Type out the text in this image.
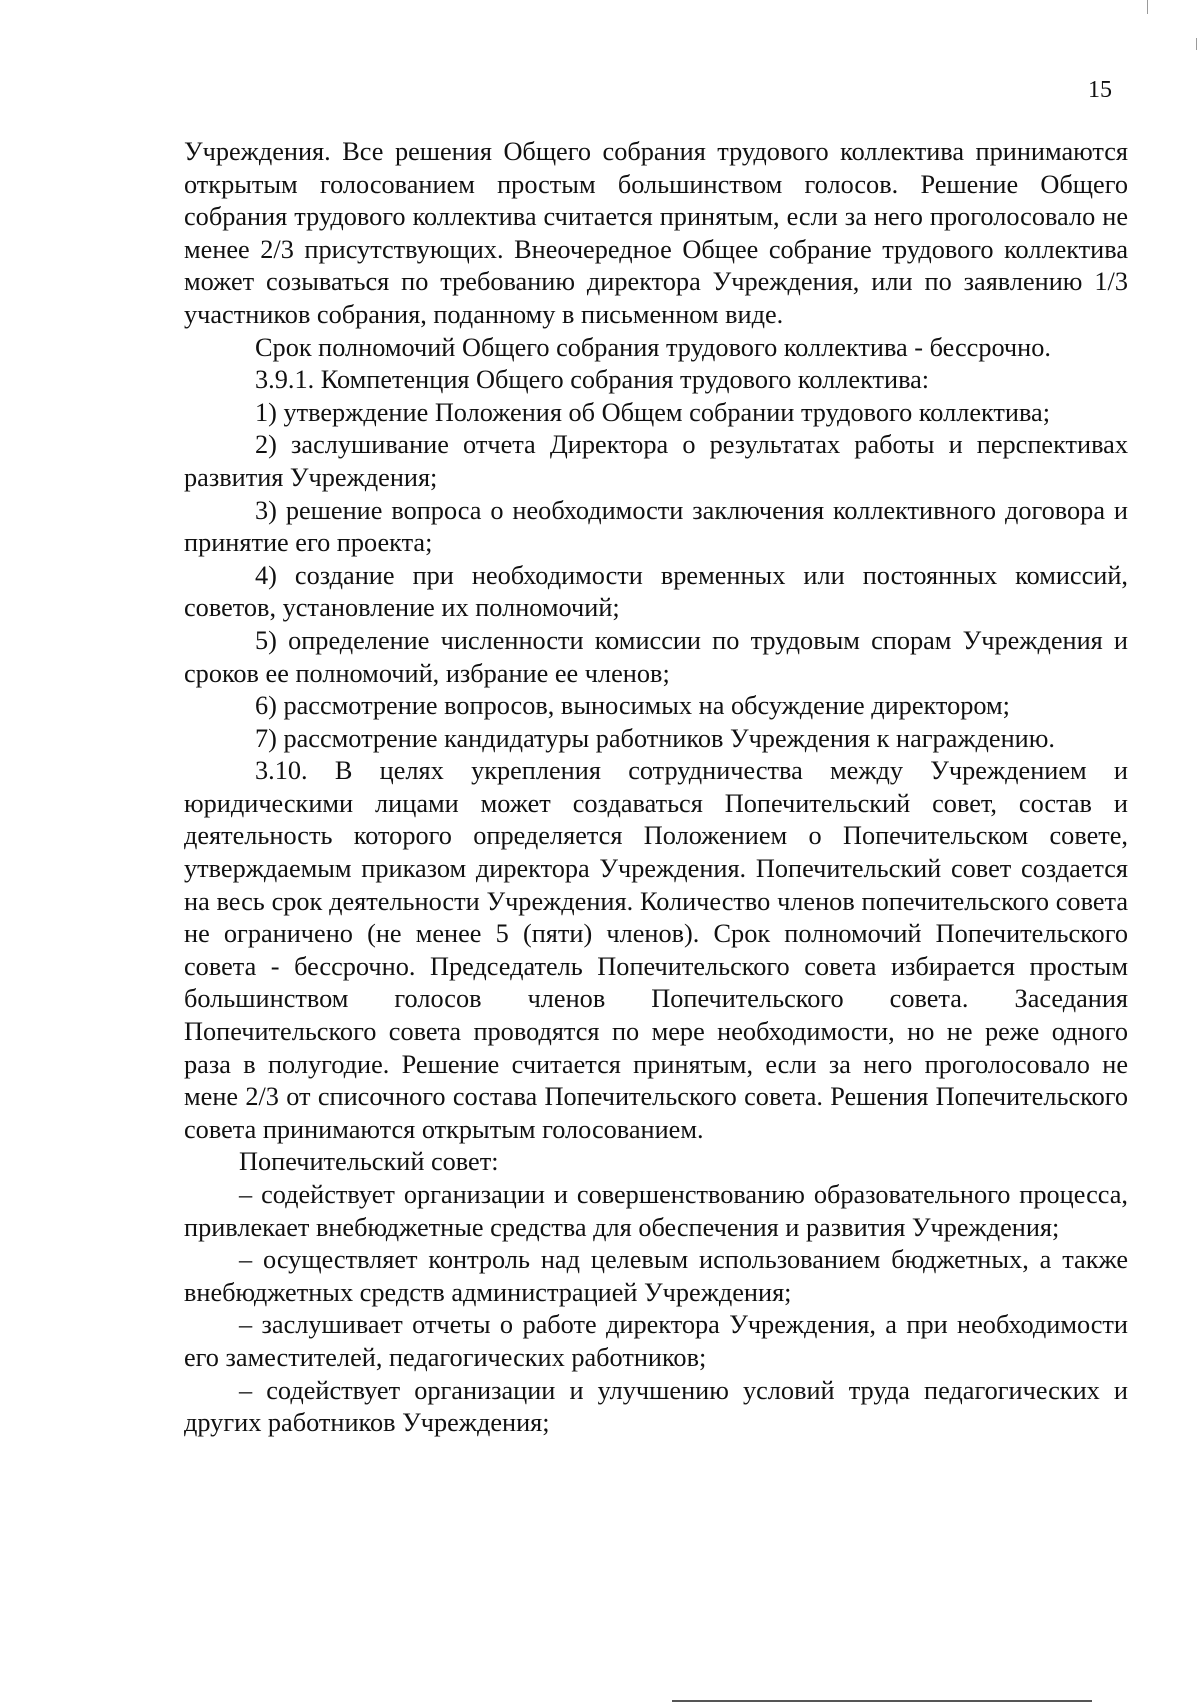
15

Учреждения. Все решения Общего собрания трудового коллектива принимаются открытым голосованием простым большинством голосов. Решение Общего собрания трудового коллектива считается принятым, если за него проголосовало не менее 2/3 присутствующих. Внеочередное Общее собрание трудового коллектива может созываться по требованию директора Учреждения, или по заявлению 1/3 участников собрания, поданному в письменном виде.

Срок полномочий Общего собрания трудового коллектива - бессрочно.

3.9.1. Компетенция Общего собрания трудового коллектива:

1) утверждение Положения об Общем собрании трудового коллектива;

2) заслушивание отчета Директора о результатах работы и перспективах развития Учреждения;

3) решение вопроса о необходимости заключения коллективного договора и принятие его проекта;

4) создание при необходимости временных или постоянных комиссий, советов, установление их полномочий;

5) определение численности комиссии по трудовым спорам Учреждения и сроков ее полномочий, избрание ее членов;

6) рассмотрение вопросов, выносимых на обсуждение директором;

7) рассмотрение кандидатуры работников Учреждения к награждению.

3.10. В целях укрепления сотрудничества между Учреждением и юридическими лицами может создаваться Попечительский совет, состав и деятельность которого определяется Положением о Попечительском совете, утверждаемым приказом директора Учреждения. Попечительский совет создается на весь срок деятельности Учреждения. Количество членов попечительского совета не ограничено (не менее 5 (пяти) членов). Срок полномочий Попечительского совета - бессрочно. Председатель Попечительского совета избирается простым большинством голосов членов Попечительского совета. Заседания Попечительского совета проводятся по мере необходимости, но не реже одного раза в полугодие. Решение считается принятым, если за него проголосовало не мене 2/3 от списочного состава Попечительского совета. Решения Попечительского совета принимаются открытым голосованием.

Попечительский совет:

– содействует организации и совершенствованию образовательного процесса, привлекает внебюджетные средства для обеспечения и развития Учреждения;

– осуществляет контроль над целевым использованием бюджетных, а также внебюджетных средств администрацией Учреждения;

– заслушивает отчеты о работе директора Учреждения, а при необходимости его заместителей, педагогических работников;

– содействует организации и улучшению условий труда педагогических и других работников Учреждения;
